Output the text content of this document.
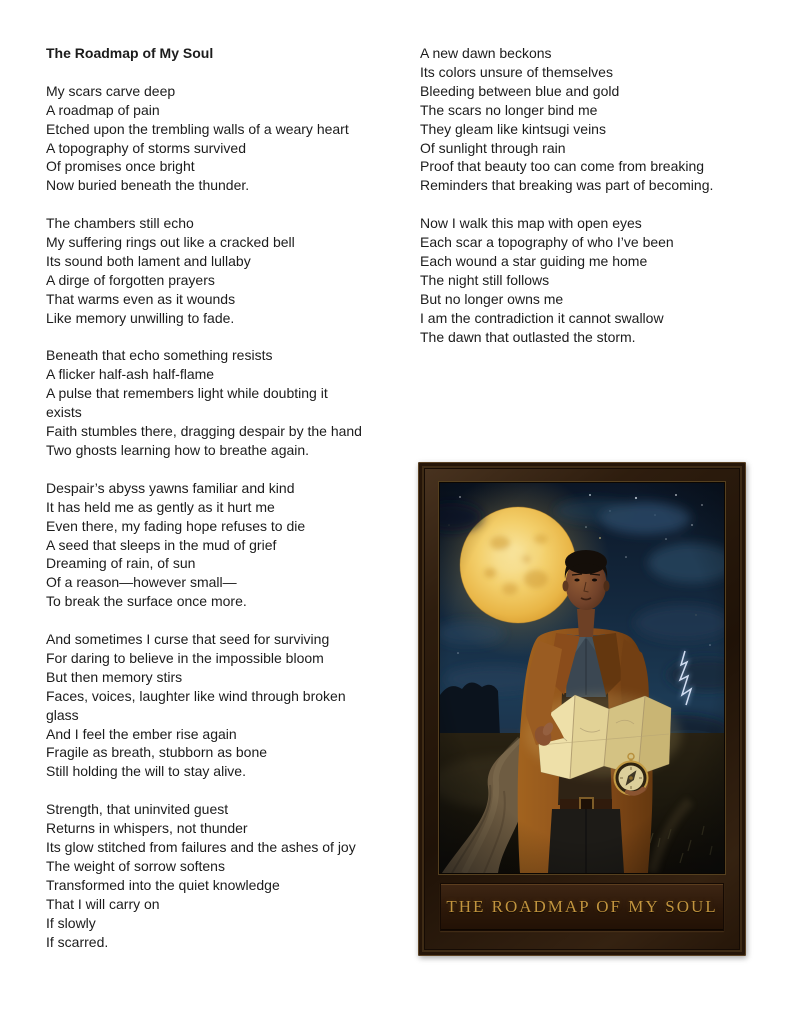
The Roadmap of My Soul
My scars carve deep
A roadmap of pain
Etched upon the trembling walls of a weary heart
A topography of storms survived
Of promises once bright
Now buried beneath the thunder.
The chambers still echo
My suffering rings out like a cracked bell
Its sound both lament and lullaby
A dirge of forgotten prayers
That warms even as it wounds
Like memory unwilling to fade.
Beneath that echo something resists
A flicker half-ash half-flame
A pulse that remembers light while doubting it
exists
Faith stumbles there, dragging despair by the hand
Two ghosts learning how to breathe again.
Despair’s abyss yawns familiar and kind
It has held me as gently as it hurt me
Even there, my fading hope refuses to die
A seed that sleeps in the mud of grief
Dreaming of rain, of sun
Of a reason—however small—
To break the surface once more.
And sometimes I curse that seed for surviving
For daring to believe in the impossible bloom
But then memory stirs
Faces, voices, laughter like wind through broken
glass
And I feel the ember rise again
Fragile as breath, stubborn as bone
Still holding the will to stay alive.
Strength, that uninvited guest
Returns in whispers, not thunder
Its glow stitched from failures and the ashes of joy
The weight of sorrow softens
Transformed into the quiet knowledge
That I will carry on
If slowly
If scarred.
A new dawn beckons
Its colors unsure of themselves
Bleeding between blue and gold
The scars no longer bind me
They gleam like kintsugi veins
Of sunlight through rain
Proof that beauty too can come from breaking
Reminders that breaking was part of becoming.
Now I walk this map with open eyes
Each scar a topography of who I’ve been
Each wound a star guiding me home
The night still follows
But no longer owns me
I am the contradiction it cannot swallow
The dawn that outlasted the storm.
THE ROADMAP OF MY SOUL
